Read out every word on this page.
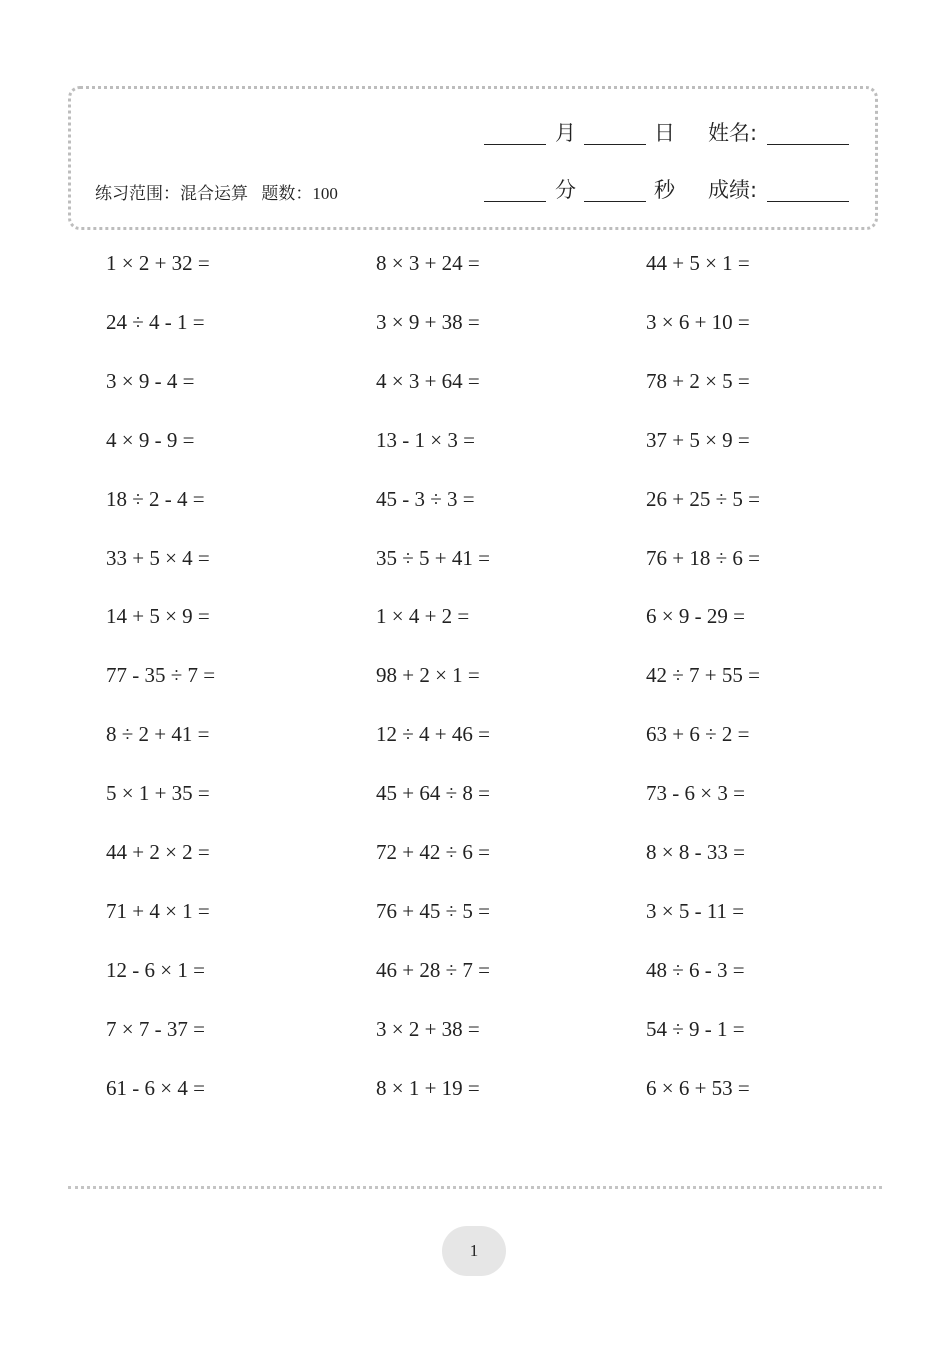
练习范围：混合运算 题数：100
月	日 姓名:
分	秒 成绩:
1 × 2 + 32 =	8 × 3 + 24 =	44 + 5 × 1 =
24 ÷ 4 - 1 =	3 × 9 + 38 =	3 × 6 + 10 =
3 × 9 - 4 =	4 × 3 + 64 =	78 + 2 × 5 =
4 × 9 - 9 =	13 - 1 × 3 =	37 + 5 × 9 =
18 ÷ 2 - 4 =	45 - 3 ÷ 3 =	26 + 25 ÷ 5 =
33 + 5 × 4 =	35 ÷ 5 + 41 =	76 + 18 ÷ 6 =
14 + 5 × 9 =	1 × 4 + 2 =	6 × 9 - 29 =
77 - 35 ÷ 7 =	98 + 2 × 1 =	42 ÷ 7 + 55 =
8 ÷ 2 + 41 =	12 ÷ 4 + 46 =	63 + 6 ÷ 2 =
5 × 1 + 35 =	45 + 64 ÷ 8 =	73 - 6 × 3 =
44 + 2 × 2 =	72 + 42 ÷ 6 =	8 × 8 - 33 =
71 + 4 × 1 =	76 + 45 ÷ 5 =	3 × 5 - 11 =
12 - 6 × 1 =	46 + 28 ÷ 7 =	48 ÷ 6 - 3 =
7 × 7 - 37 =	3 × 2 + 38 =	54 ÷ 9 - 1 =
61 - 6 × 4 =	8 × 1 + 19 =	6 × 6 + 53 =
1
